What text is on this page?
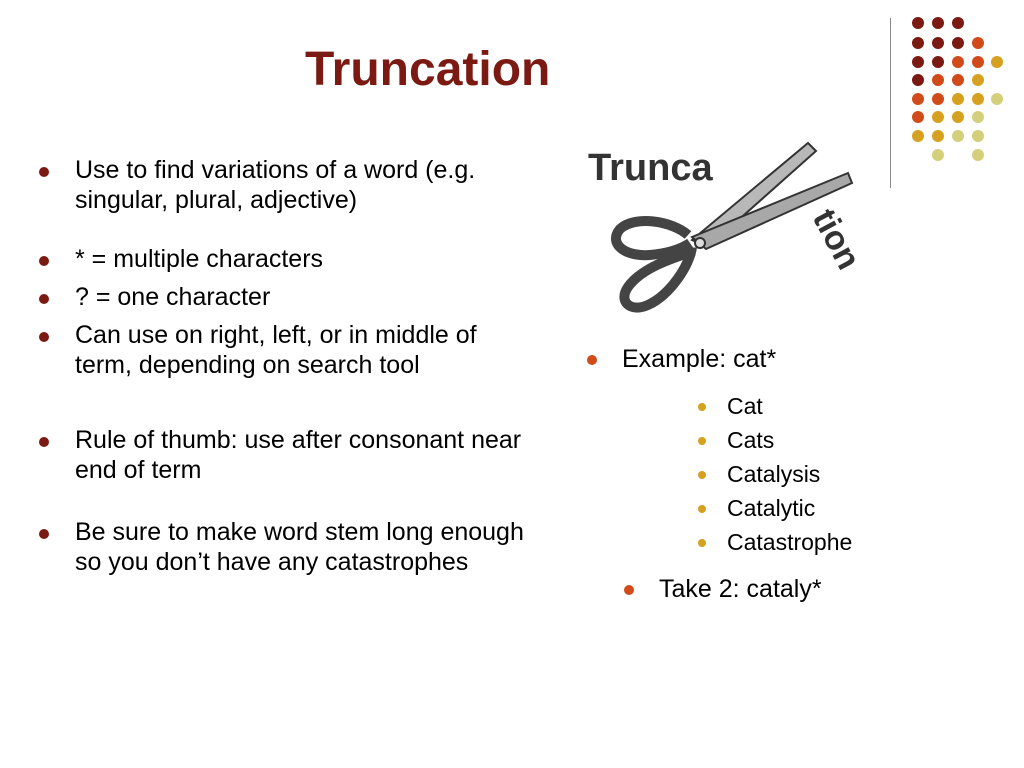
Truncation
Use to find variations of a word (e.g. singular, plural, adjective)
* = multiple characters
? = one character
Can use on right, left, or in middle of term, depending on search tool
Rule of thumb: use after consonant near end of term
Be sure to make word stem long enough so you don’t have any catastrophes
Trunca
tion
Example: cat*
Cat
Cats
Catalysis
Catalytic
Catastrophe
Take 2: cataly*
